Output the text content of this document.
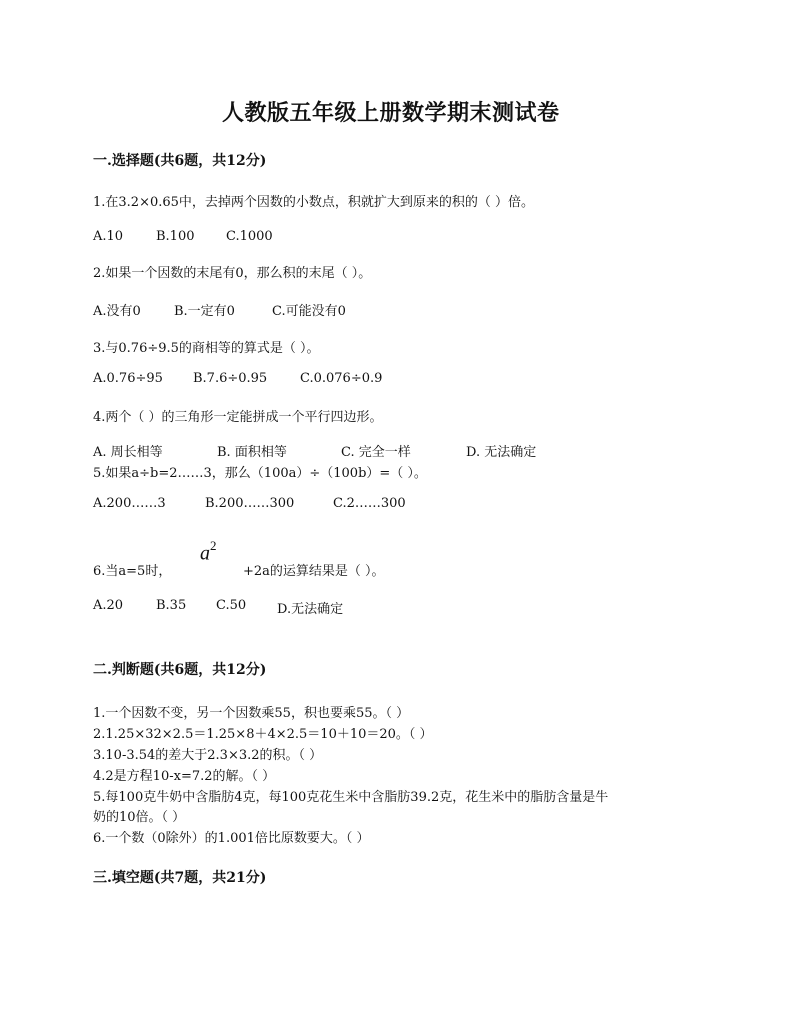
人教版五年级上册数学期末测试卷
一.选择题(共6题，共12分)
1.在3.2×0.65中，去掉两个因数的小数点，积就扩大到原来的积的（ ）倍。
A.10	B.100 C.1000
2.如果一个因数的末尾有0，那么积的末尾（ ）。
A.没有0	B.一定有0	C.可能没有0
3.与0.76÷9.5的商相等的算式是（ ）。
A.0.76÷95 B.7.6÷0.95	C.0.076÷0.9
4.两个（ ）的三角形一定能拼成一个平行四边形。
A. 周长相等	B. 面积相等	C. 完全一样	D. 无法确定
5.如果a÷b=2……3，那么（100a）÷（100b）=（ ）。
A.200……3	B.200……300	C.2……300
6.当a=5时，
$a^2$
+2a的运算结果是（ ）。
A.20	B.35 C.50 D.无法确定
二.判断题(共6题，共12分)
1.一个因数不变，另一个因数乘55，积也要乘55。（ ）
2.1.25×32×2.5＝1.25×8＋4×2.5＝10＋10＝20。（ ）
3.10-3.54的差大于2.3×3.2的积。（ ）
4.2是方程10-x=7.2的解。（ ）
5.每100克牛奶中含脂肪4克，每100克花生米中含脂肪39.2克，花生米中的脂肪含量是牛
奶的10倍。（ ）
6.一个数（0除外）的1.001倍比原数要大。（ ）
三.填空题(共7题，共21分)
